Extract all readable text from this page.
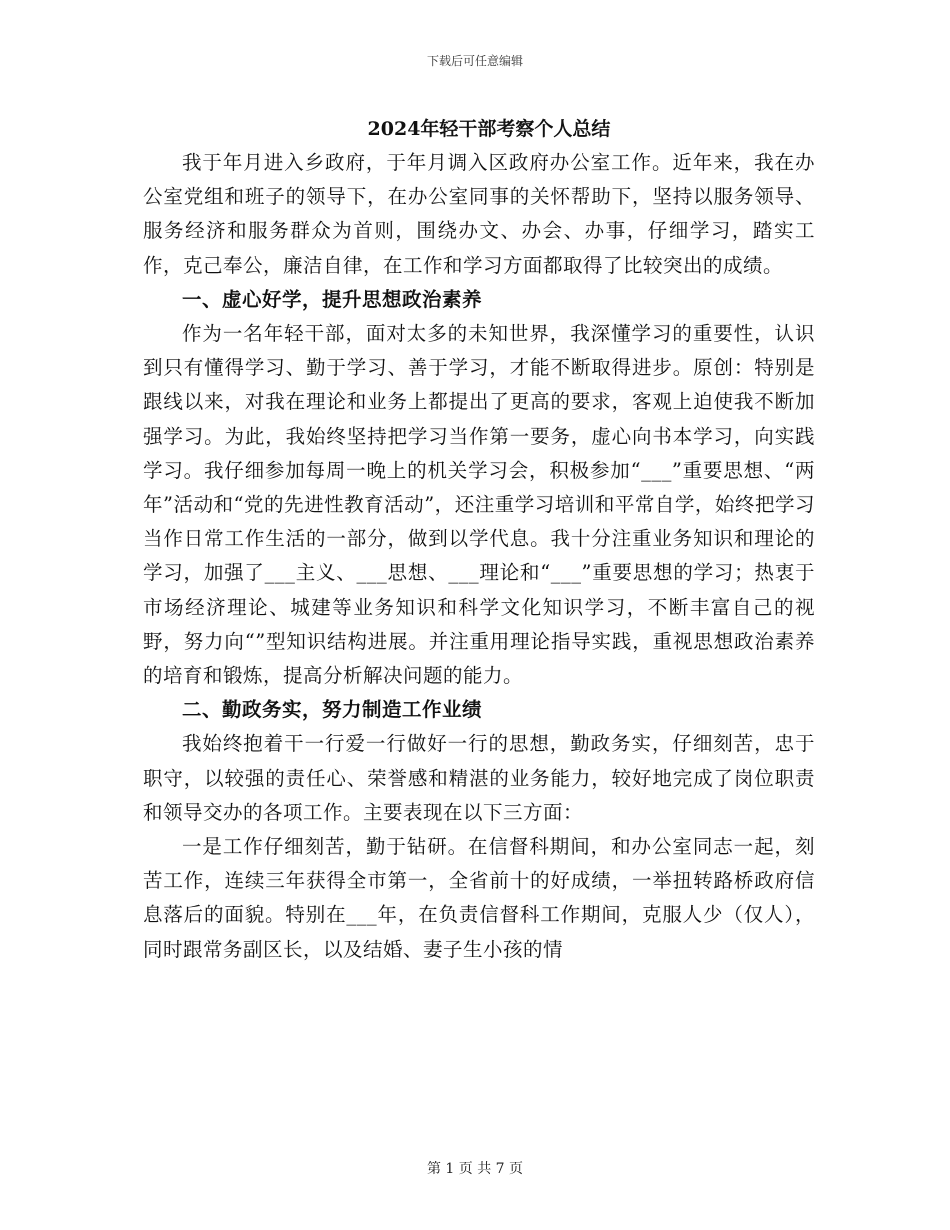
下载后可任意编辑
2024年轻干部考察个人总结

我于年月进入乡政府，于年月调入区政府办公室工作。近年来，我在办公室党组和班子的领导下，在办公室同事的关怀帮助下，坚持以服务领导、服务经济和服务群众为首则，围绕办文、办会、办事，仔细学习，踏实工作，克己奉公，廉洁自律，在工作和学习方面都取得了比较突出的成绩。

一、虚心好学，提升思想政治素养

作为一名年轻干部，面对太多的未知世界，我深懂学习的重要性，认识到只有懂得学习、勤于学习、善于学习，才能不断取得进步。原创：特别是跟线以来，对我在理论和业务上都提出了更高的要求，客观上迫使我不断加强学习。为此，我始终坚持把学习当作第一要务，虚心向书本学习，向实践学习。我仔细参加每周一晚上的机关学习会，积极参加“___”重要思想、“两年”活动和“党的先进性教育活动”，还注重学习培训和平常自学，始终把学习当作日常工作生活的一部分，做到以学代息。我十分注重业务知识和理论的学习，加强了___主义、___思想、___理论和“___”重要思想的学习；热衷于市场经济理论、城建等业务知识和科学文化知识学习，不断丰富自己的视野，努力向“”型知识结构进展。并注重用理论指导实践，重视思想政治素养的培育和锻炼，提高分析解决问题的能力。

二、勤政务实，努力制造工作业绩

我始终抱着干一行爱一行做好一行的思想，勤政务实，仔细刻苦，忠于职守，以较强的责任心、荣誉感和精湛的业务能力，较好地完成了岗位职责和领导交办的各项工作。主要表现在以下三方面：

一是工作仔细刻苦，勤于钻研。在信督科期间，和办公室同志一起，刻苦工作，连续三年获得全市第一，全省前十的好成绩，一举扭转路桥政府信息落后的面貌。特别在___年，在负责信督科工作期间，克服人少（仅人），同时跟常务副区长，以及结婚、妻子生小孩的情

第 1 页 共 7 页
